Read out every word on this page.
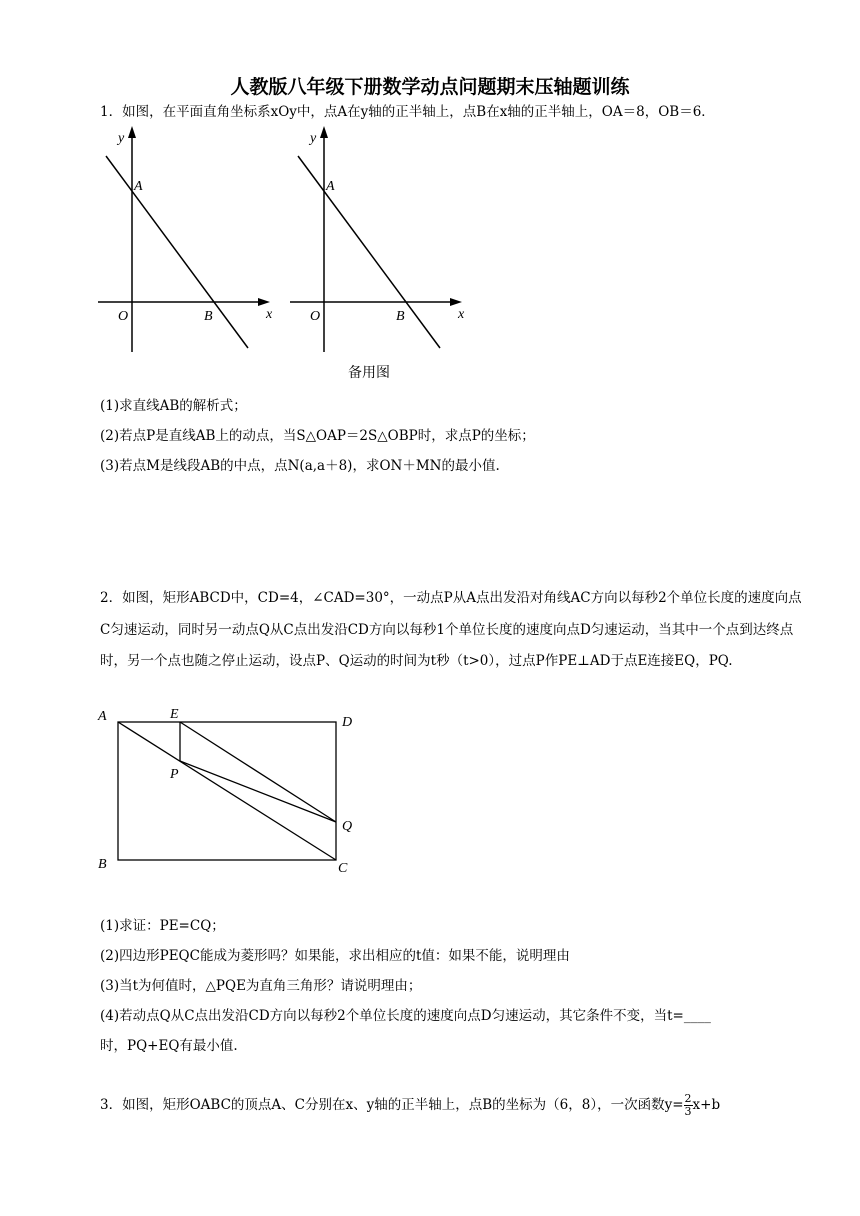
人教版八年级下册数学动点问题期末压轴题训练
1．如图，在平面直角坐标系xOy中，点A在y轴的正半轴上，点B在x轴的正半轴上，OA＝8，OB＝6．
y
A
O	B	x
y
A
O	B	x
备用图
(1)求直线AB的解析式；
(2)若点P是直线AB上的动点，当S△OAP＝2S△OBP时，求点P的坐标；
(3)若点M是线段AB的中点，点N(a,a＋8)，求ON＋MN的最小值.
2．如图，矩形ABCD中，CD=4，∠CAD=30°，一动点P从A点出发沿对角线AC方向以每秒2个单位长度的速度向点C匀速运动，同时另一动点Q从C点出发沿CD方向以每秒1个单位长度的速度向点D匀速运动，当其中一个点到达终点时，另一个点也随之停止运动，设点P、Q运动的时间为t秒（t>0），过点P作PE⊥AD于点E连接EQ，PQ.
A	E
D
P
Q
B	C
(1)求证：PE=CQ；
(2)四边形PEQC能成为菱形吗？如果能，求出相应的t值：如果不能，说明理由
(3)当t为何值时，△PQE为直角三角形？请说明理由；
(4)若动点Q从C点出发沿CD方向以每秒2个单位长度的速度向点D匀速运动，其它条件不变，当t=____
时，PQ+EQ有最小值.
3．如图，矩形OABC的顶点A、C分别在x、y轴的正半轴上，点B的坐标为（6，8），一次函数$y= \frac{2}{3} x+b$
